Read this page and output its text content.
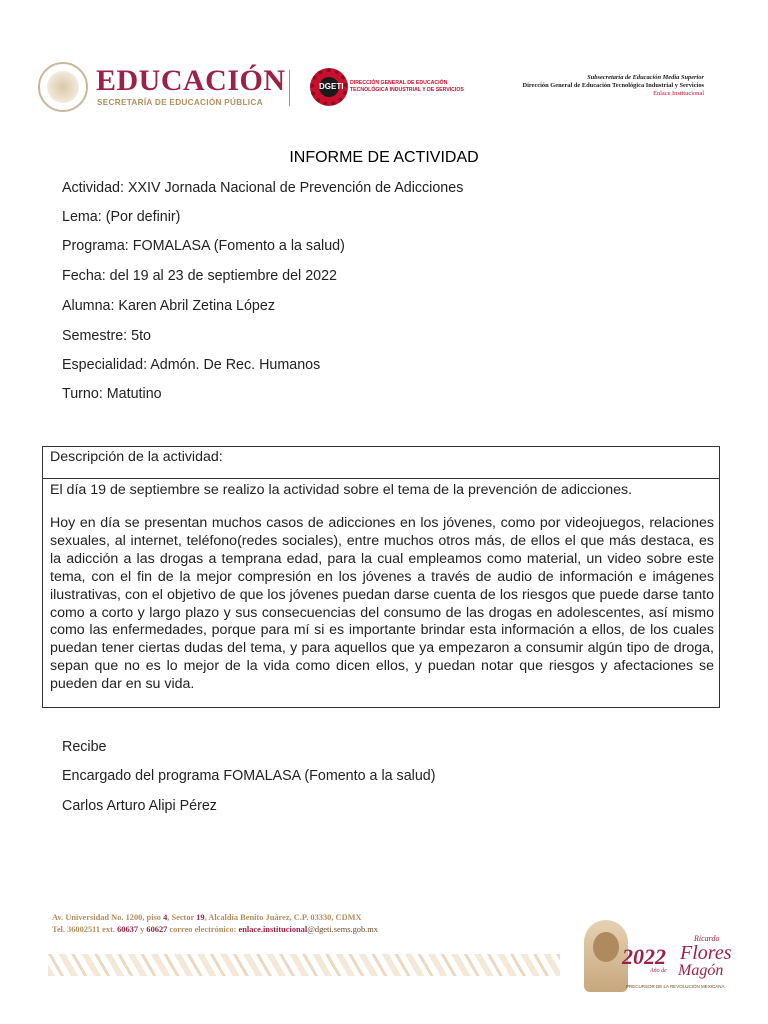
EDUCACIÓN
SECRETARÍA DE EDUCACIÓN PÚBLICA
DGETI DIRECCIÓN GENERAL DE EDUCACIÓN
TECNOLÓGICA INDUSTRIAL Y DE SERVICIOS
Subsecretaría de Educación Media Superior
Dirección General de Educación Tecnológica Industrial y Servicios
Enlace Institucional
INFORME DE ACTIVIDAD
Actividad: XXIV Jornada Nacional de Prevención de Adicciones
Lema: (Por definir)
Programa: FOMALASA (Fomento a la salud)
Fecha: del 19 al 23 de septiembre del 2022
Alumna: Karen Abril Zetina López
Semestre: 5to
Especialidad: Admón. De Rec. Humanos
Turno: Matutino
Descripción de la actividad:
El día 19 de septiembre se realizo la actividad sobre el tema de la prevención de adicciones.
Hoy en día se presentan muchos casos de adicciones en los jóvenes, como por videojuegos, relaciones sexuales, al internet, teléfono(redes sociales), entre muchos otros más, de ellos el que más destaca, es la adicción a las drogas a temprana edad, para la cual empleamos como material, un video sobre este tema, con el fin de la mejor compresión en los jóvenes a través de audio de información e imágenes ilustrativas, con el objetivo de que los jóvenes puedan darse cuenta de los riesgos que puede darse tanto como a corto y largo plazo y sus consecuencias del consumo de las drogas en adolescentes, así mismo como las enfermedades, porque para mí si es importante brindar esta información a ellos, de los cuales puedan tener ciertas dudas del tema, y para aquellos que ya empezaron a consumir algún tipo de droga, sepan que no es lo mejor de la vida como dicen ellos, y puedan notar que riesgos y afectaciones se pueden dar en su vida.
Recibe
Encargado del programa FOMALASA (Fomento a la salud)
Carlos Arturo Alipi Pérez
Av. Universidad No. 1200, piso 4, Sector 19, Alcaldía Benito Juárez, C.P. 03330, CDMX
Tel. 36002511 ext. 60637 y 60627 correo electrónico: enlace.institucional@dgeti.sems.gob.mx
2022
Ricardo
Flores
Año de Magón
PRECURSOR DE LA REVOLUCIÓN MEXICANA
